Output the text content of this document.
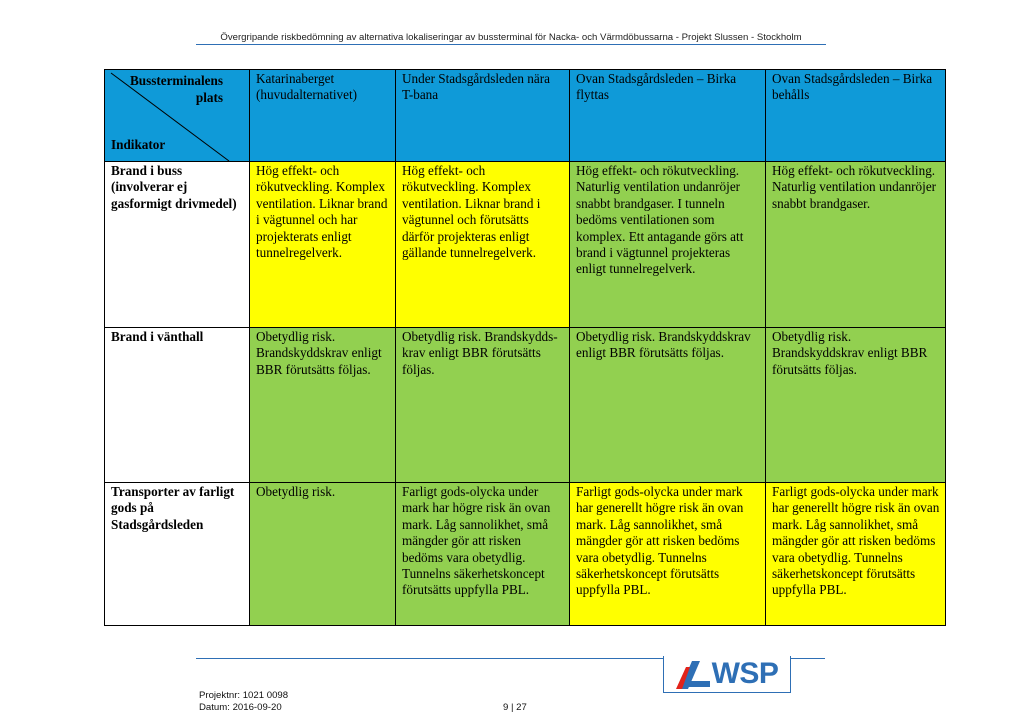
Övergripande riskbedömning av alternativa lokaliseringar av bussterminal för Nacka- och Värmdöbussarna - Projekt Slussen - Stockholm
Bussterminalens
plats
Indikator	Katarinaberget (huvudalternativet)	Under Stadsgårdsleden nära T-bana	Ovan Stadsgårdsleden – Birka flyttas	Ovan Stadsgårdsleden – Birka behålls
Brand i buss (involverar ej gasformigt drivmedel)	Hög effekt- och rökutveckling. Komplex ventilation. Liknar brand i vägtunnel och har projekterats enligt tunnelregelverk.	Hög effekt- och rökutveckling. Komplex ventilation. Liknar brand i vägtunnel och förutsätts därför projekteras enligt gällande tunnelregelverk.	Hög effekt- och rökutveckling. Naturlig ventilation undanröjer snabbt brandgaser. I tunneln bedöms ventilationen som komplex. Ett antagande görs att brand i vägtunnel projekteras enligt tunnelregelverk.	Hög effekt- och rökutveckling. Naturlig ventilation undanröjer snabbt brandgaser.
Brand i vänthall	Obetydlig risk. Brandskyddskrav enligt BBR förutsätts följas.	Obetydlig risk. Brandskydds-krav enligt BBR förutsätts följas.	Obetydlig risk. Brandskyddskrav enligt BBR förutsätts följas.	Obetydlig risk. Brandskyddskrav enligt BBR förutsätts följas.
Transporter av farligt gods på Stadsgårdsleden	Obetydlig risk.	Farligt gods-olycka under mark har högre risk än ovan mark. Låg sannolikhet, små mängder gör att risken bedöms vara obetydlig. Tunnelns säkerhetskoncept förutsätts uppfylla PBL.	Farligt gods-olycka under mark har generellt högre risk än ovan mark. Låg sannolikhet, små mängder gör att risken bedöms vara obetydlig. Tunnelns säkerhetskoncept förutsätts uppfylla PBL.	Farligt gods-olycka under mark har generellt högre risk än ovan mark. Låg sannolikhet, små mängder gör att risken bedöms vara obetydlig. Tunnelns säkerhetskoncept förutsätts uppfylla PBL.
WSP
Projektnr: 1021 0098
Datum: 2016-09-20	9 | 27
